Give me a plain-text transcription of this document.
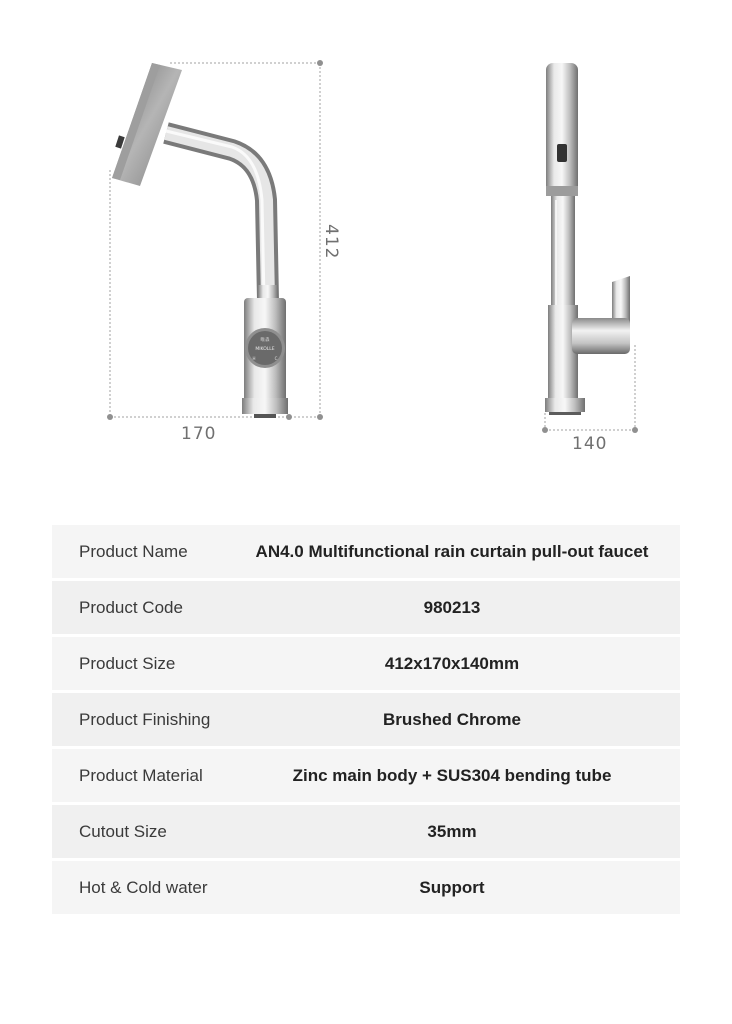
412
170
唯淼
MIKOLLE
H	C
140
Product Name	AN4.0 Multifunctional rain curtain pull-out faucet
Product Code	980213
Product Size	412x170x140mm
Product Finishing	Brushed Chrome
Product Material	Zinc main body + SUS304 bending tube
Cutout Size	35mm
Hot & Cold water	Support
